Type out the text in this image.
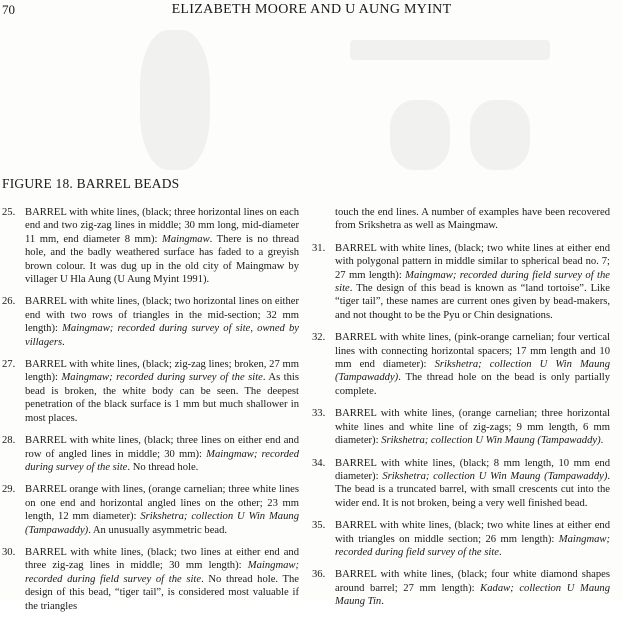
70	ELIZABETH MOORE AND U AUNG MYINT
FIGURE 18. BARREL BEADS
25. BARREL with white lines, (black; three horizontal lines on each end and two zig-zag lines in middle; 30 mm long, mid-diameter 11 mm, end diameter 8 mm): Maingmaw. There is no thread hole, and the badly weathered surface has faded to a greyish brown colour. It was dug up in the old city of Maingmaw by villager U Hla Aung (U Aung Myint 1991).
26. BARREL with white lines, (black; two horizontal lines on either end with two rows of triangles in the mid-section; 32 mm length): Maingmaw; recorded during survey of site, owned by villagers.
27. BARREL with white lines, (black; zig-zag lines; broken, 27 mm length): Maingmaw; recorded during survey of the site. As this bead is broken, the white body can be seen. The deepest penetration of the black surface is 1 mm but much shallower in most places.
28. BARREL with white lines, (black; three lines on either end and row of angled lines in middle; 30 mm): Maingmaw; recorded during survey of the site. No thread hole.
29. BARREL orange with lines, (orange carnelian; three white lines on one end and horizontal angled lines on the other; 23 mm length, 12 mm diameter): Srikshetra; collection U Win Maung (Tampawaddy). An unusually asymmetric bead.
30. BARREL with white lines, (black; two lines at either end and three zig-zag lines in middle; 30 mm length): Maingmaw; recorded during field survey of the site. No thread hole. The design of this bead, “tiger tail”, is considered most valuable if the triangles
touch the end lines. A number of examples have been recovered from Srikshetra as well as Maingmaw.
31. BARREL with white lines, (black; two white lines at either end with polygonal pattern in middle similar to spherical bead no. 7; 27 mm length): Maingmaw; recorded during field survey of the site. The design of this bead is known as “land tortoise”. Like “tiger tail”, these names are current ones given by bead-makers, and not thought to be the Pyu or Chin designations.
32. BARREL with white lines, (pink-orange carnelian; four vertical lines with connecting horizontal spacers; 17 mm length and 10 mm end diameter): Srikshetra; collection U Win Maung (Tampawaddy). The thread hole on the bead is only partially complete.
33. BARREL with white lines, (orange carnelian; three horizontal white lines and white line of zig-zags; 9 mm length, 6 mm diameter): Srikshetra; collection U Win Maung (Tampawaddy).
34. BARREL with white lines, (black; 8 mm length, 10 mm end diameter): Srikshetra; collection U Win Maung (Tampawaddy). The bead is a truncated barrel, with small crescents cut into the wider end. It is not broken, being a very well finished bead.
35. BARREL with white lines, (black; two white lines at either end with triangles on middle section; 26 mm length): Maingmaw; recorded during field survey of the site.
36. BARREL with white lines, (black; four white diamond shapes around barrel; 27 mm length): Kadaw; collection U Maung Maung Tin.
